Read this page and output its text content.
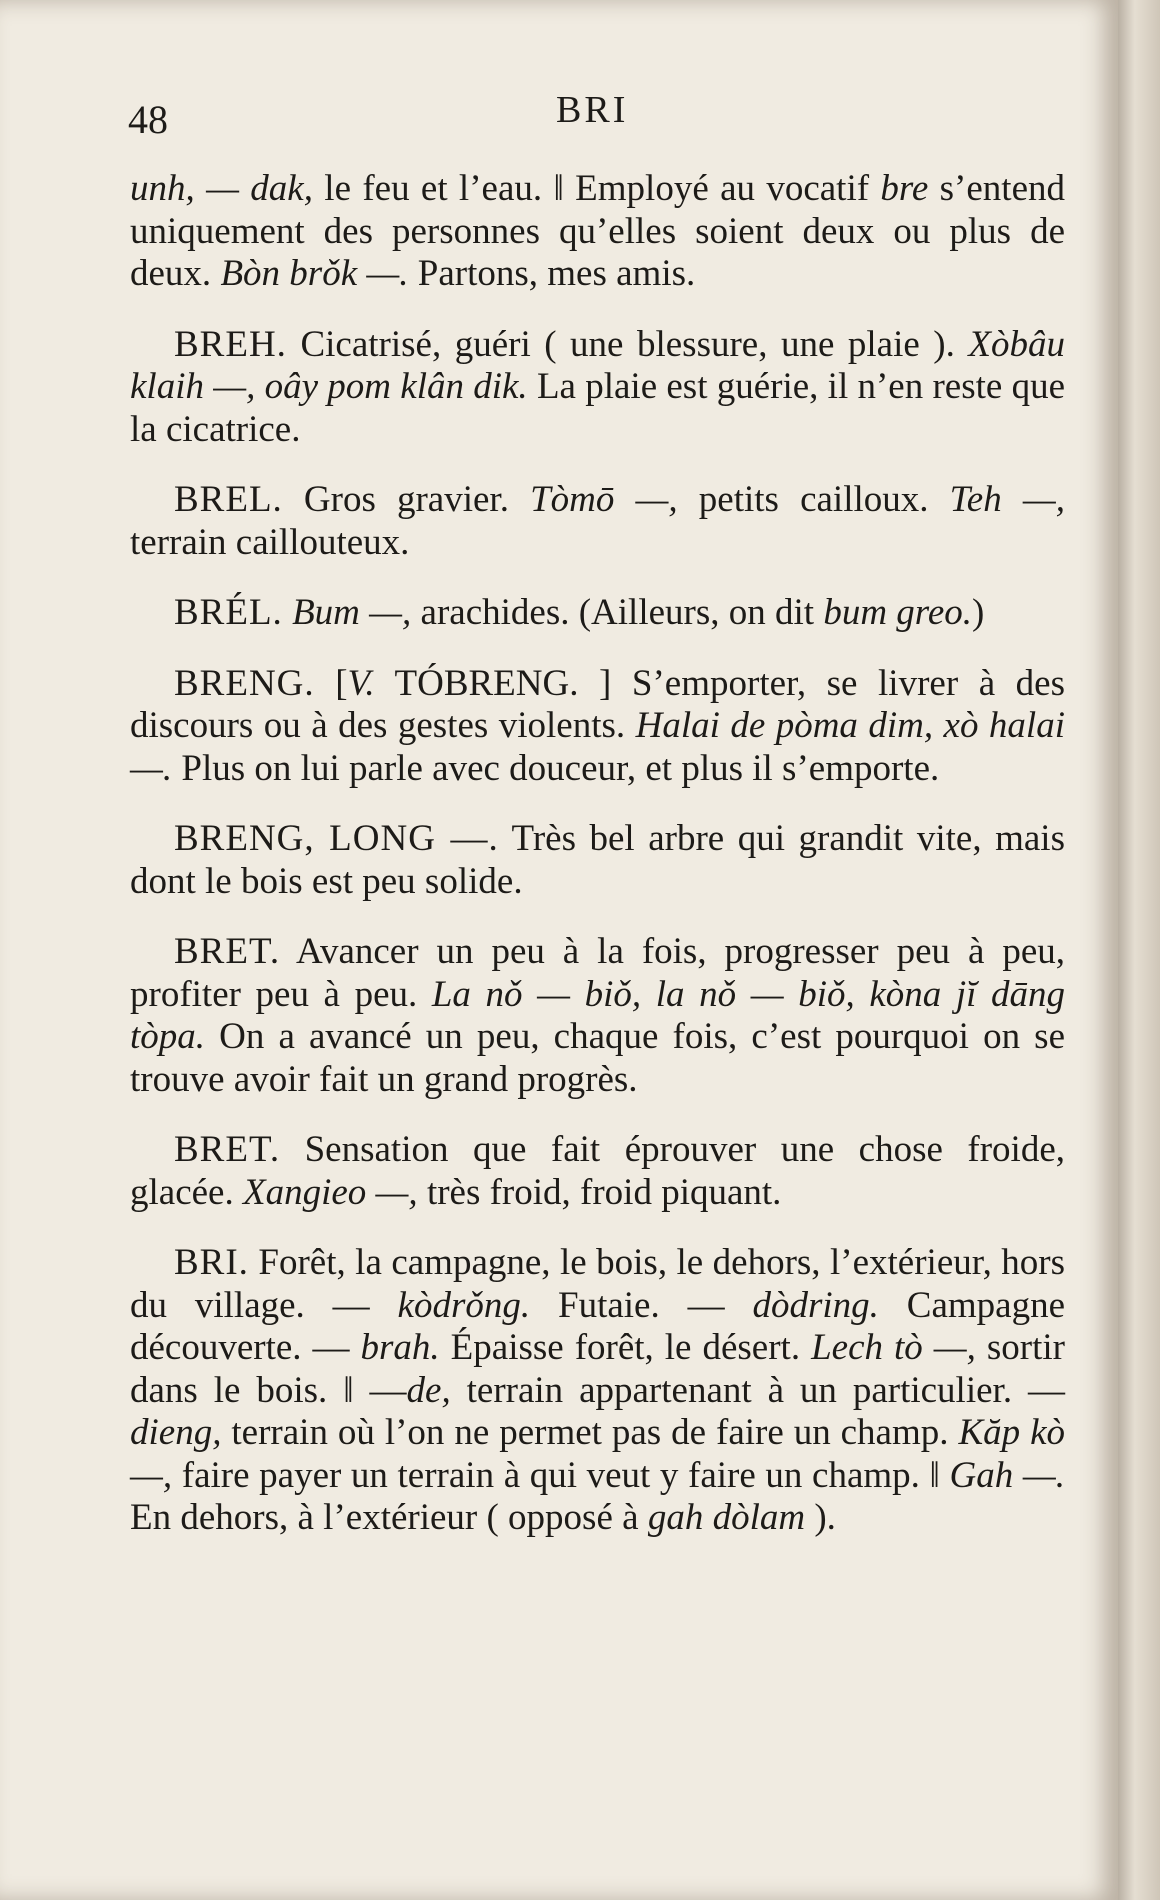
48	BRI

unh, — dak, le feu et l’eau. ‖ Employé au vocatif bre s’entend uniquement des personnes qu’elles soient deux ou plus de deux. Bòn brǒk —. Partons, mes amis.

BREH. Cicatrisé, guéri ( une blessure, une plaie ). Xòbâu klaih —, oây pom klân dik. La plaie est guérie, il n’en reste que la cicatrice.

BREL. Gros gravier. Tòmō —, petits cailloux. Teh —, terrain caillouteux.

BRÉL. Bum —, arachides. (Ailleurs, on dit bum greo.)

BRENG. [V. TÓBRENG. ] S’emporter, se livrer à des discours ou à des gestes violents. Halai de pòma dim, xò halai —. Plus on lui parle avec douceur, et plus il s’emporte.

BRENG, LONG —. Très bel arbre qui grandit vite, mais dont le bois est peu solide.

BRET. Avancer un peu à la fois, progresser peu à peu, profiter peu à peu. La nǒ — biǒ, la nǒ — biǒ, kòna jĭ dāng tòpa. On a avancé un peu, chaque fois, c’est pourquoi on se trouve avoir fait un grand progrès.

BRET. Sensation que fait éprouver une chose froide, glacée. Xangieo —, très froid, froid piquant.

BRI. Forêt, la campagne, le bois, le dehors, l’extérieur, hors du village. — kòdrǒng. Futaie. — dòdring. Campagne découverte. — brah. Épaisse forêt, le désert. Lech tò —, sortir dans le bois. ‖ —de, terrain appartenant à un particulier. —dieng, terrain où l’on ne permet pas de faire un champ. Kăp kò —, faire payer un terrain à qui veut y faire un champ. ‖ Gah —. En dehors, à l’extérieur ( opposé à gah dòlam ).
